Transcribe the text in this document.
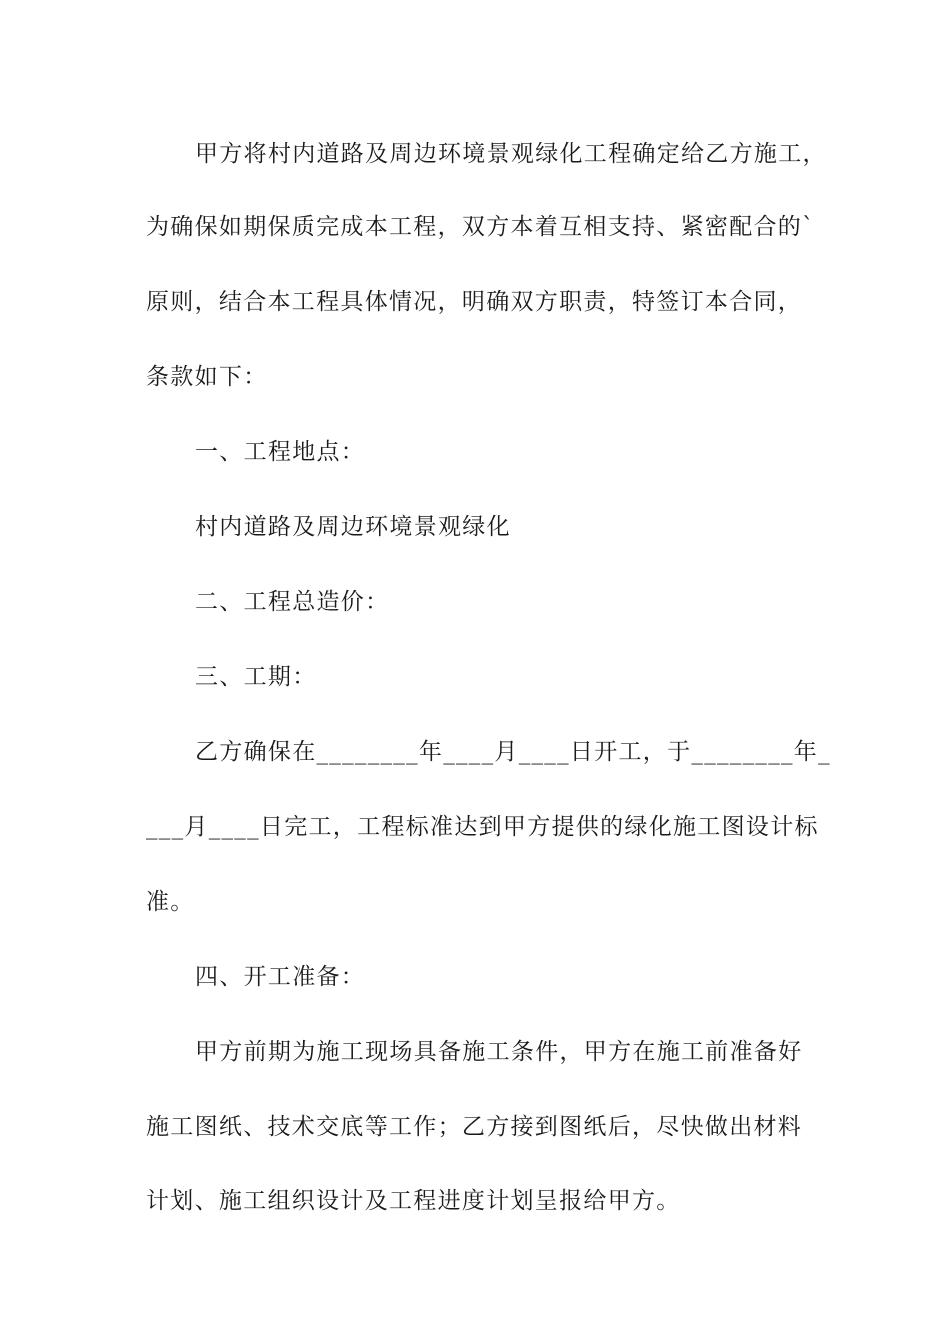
甲方将村内道路及周边环境景观绿化工程确定给乙方施工，
为确保如期保质完成本工程，双方本着互相支持、紧密配合的`
原则，结合本工程具体情况，明确双方职责，特签订本合同，
条款如下：
一、工程地点：
村内道路及周边环境景观绿化
二、工程总造价：
三、工期：
乙方确保在________年____月____日开工，于________年_
___月____日完工，工程标准达到甲方提供的绿化施工图设计标
准。
四、开工准备：
甲方前期为施工现场具备施工条件，甲方在施工前准备好
施工图纸、技术交底等工作；乙方接到图纸后，尽快做出材料
计划、施工组织设计及工程进度计划呈报给甲方。
